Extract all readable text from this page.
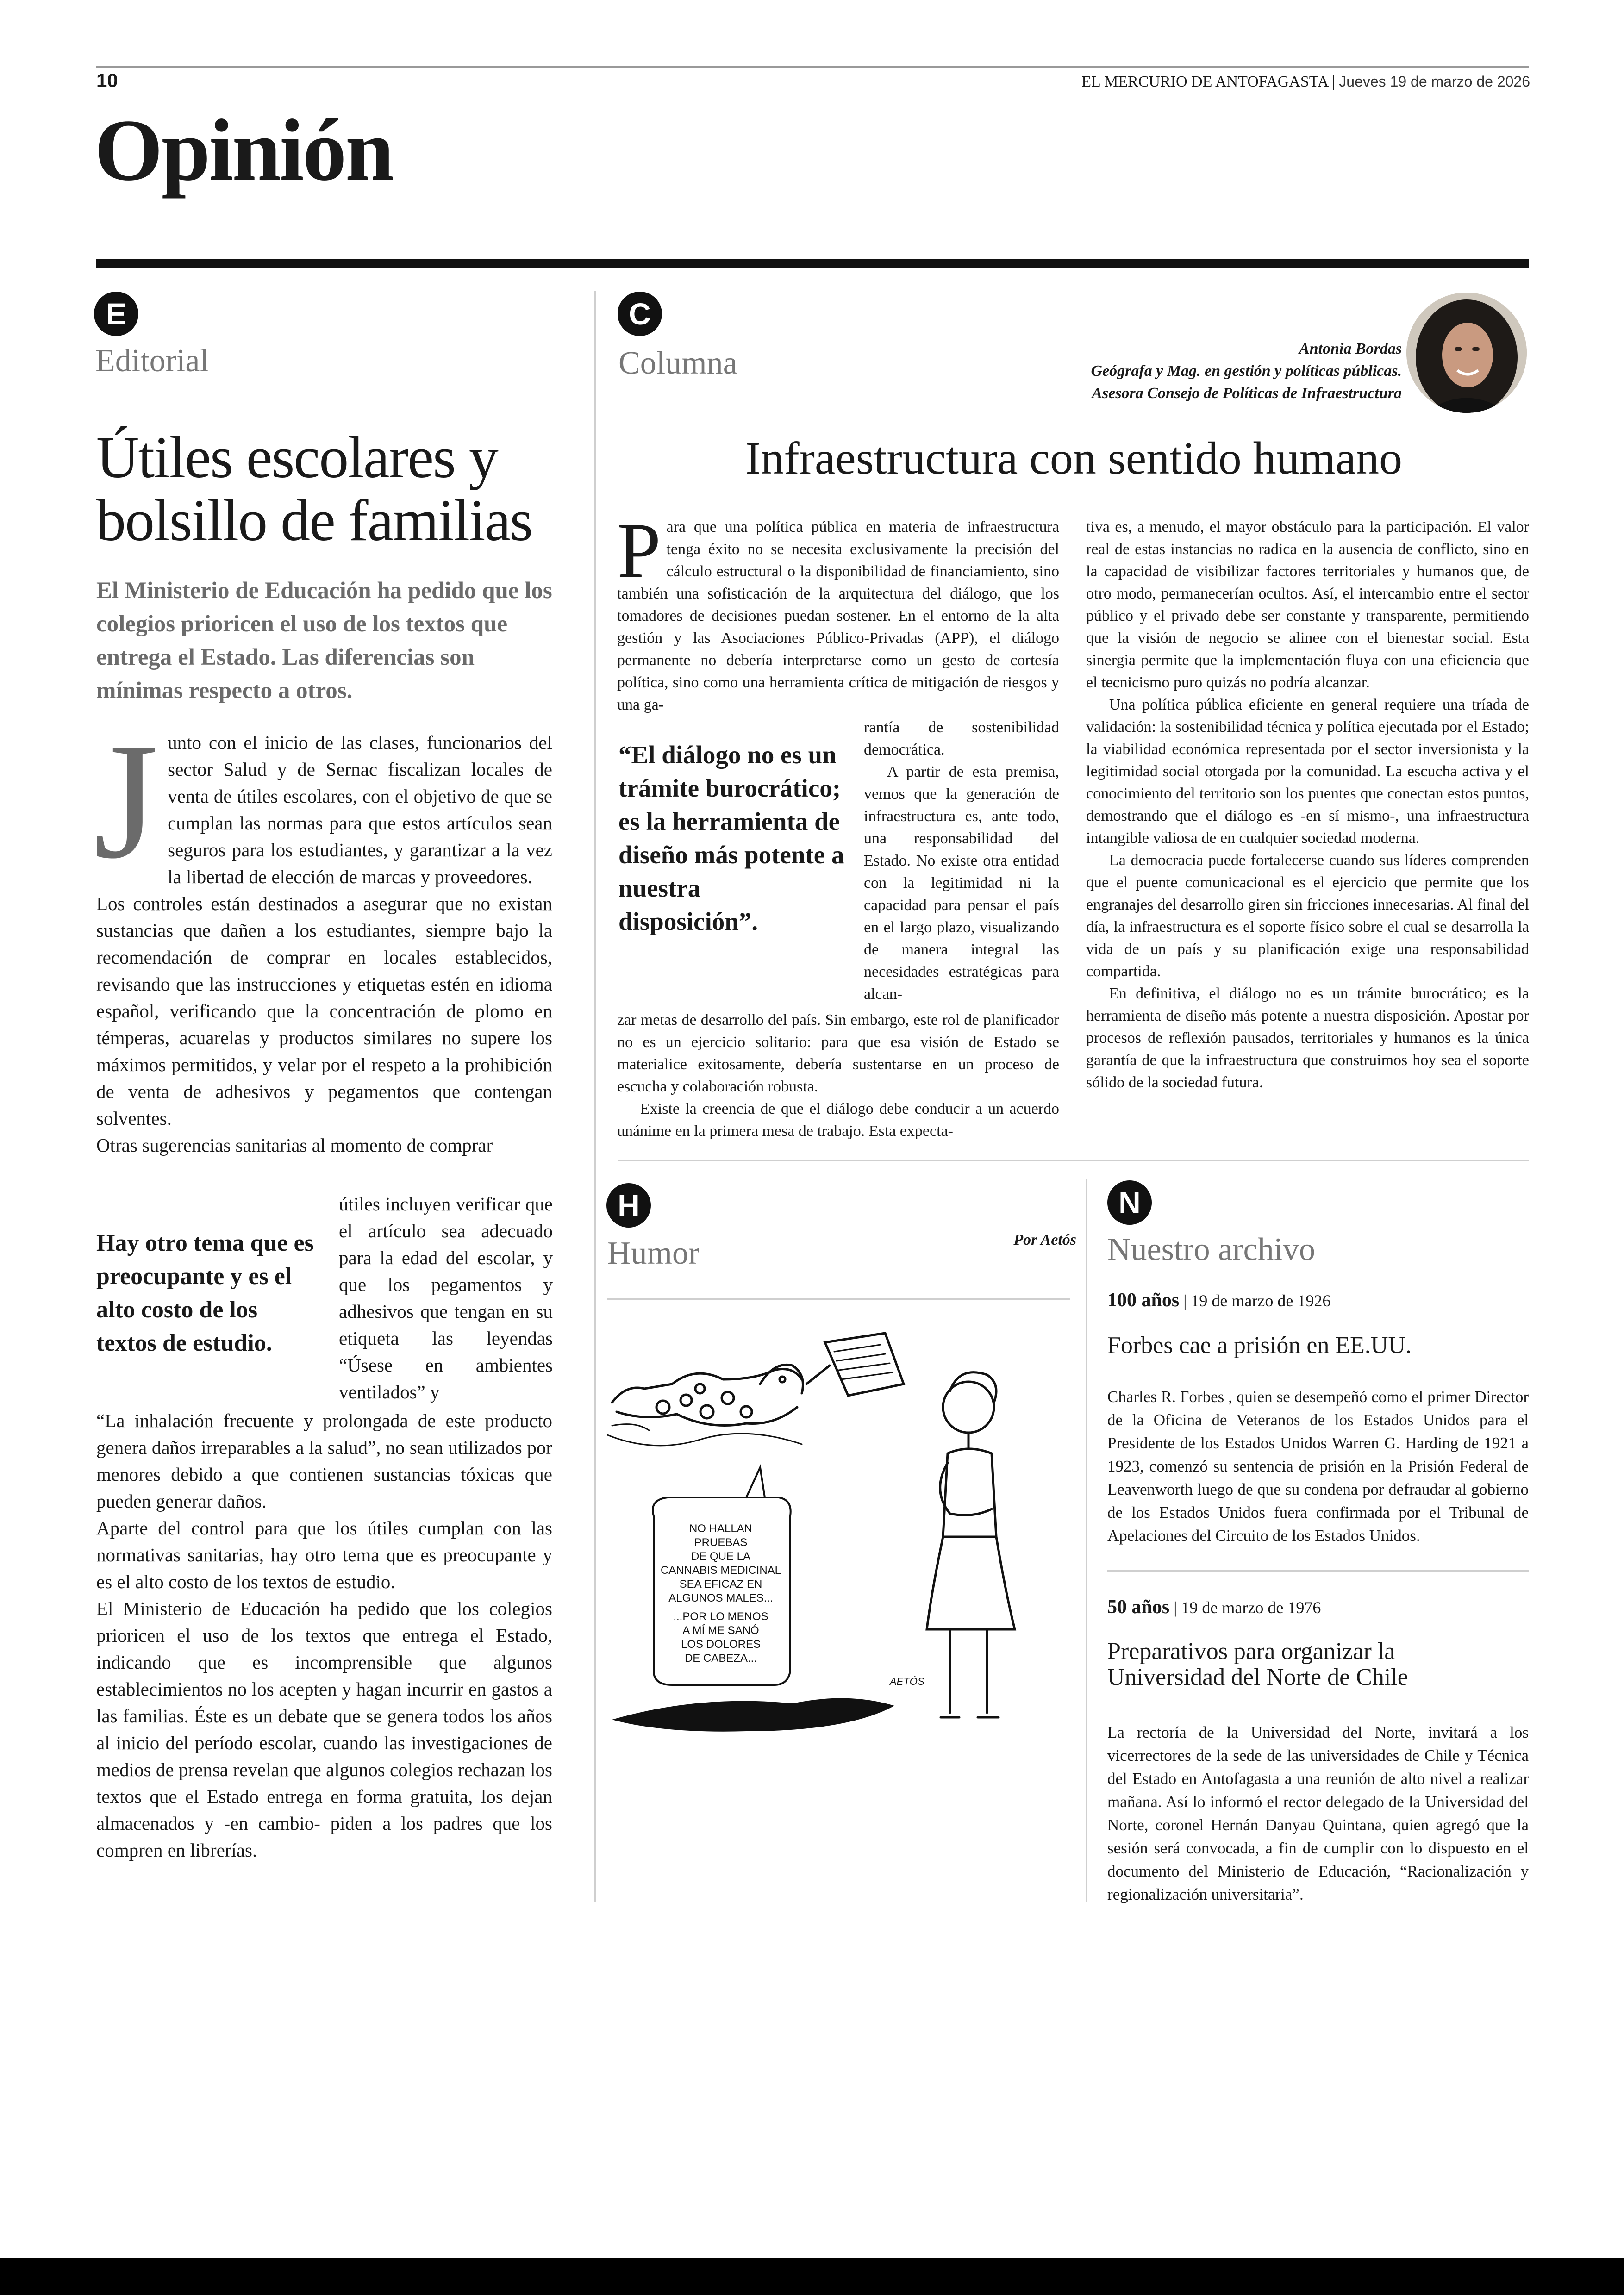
10	EL MERCURIO DE ANTOFAGASTA | Jueves 19 de marzo de 2026
Opinión
E
Editorial
Útiles escolares y
bolsillo de familias
El Ministerio de Educación ha pedido que los colegios prioricen el uso de los textos que entrega el Estado. Las diferencias son mínimas respecto a otros.
J unto con el inicio de las clases, funcionarios del sector Salud y de Sernac fiscalizan locales de venta de útiles escolares, con el objetivo de que se cumplan las normas para que estos artículos sean seguros para los estudiantes, y garantizar a la vez la libertad de elección de marcas y proveedores.

Los controles están destinados a asegurar que no existan sustancias que dañen a los estudiantes, siempre bajo la recomendación de comprar en locales establecidos, revisando que las instrucciones y etiquetas estén en idioma español, verificando que la concentración de plomo en témperas, acuarelas y productos similares no supere los máximos permitidos, y velar por el respeto a la prohibición de venta de adhesivos y pegamentos que contengan solventes.

Otras sugerencias sanitarias al momento de comprar

Hay otro tema que es preocupante y es el alto costo de los textos de estudio.
útiles incluyen verificar que el artículo sea adecuado para la edad del escolar, y que los pegamentos y adhesivos que tengan en su etiqueta las leyendas “Úsese en ambientes ventilados” y

“La inhalación frecuente y prolongada de este producto genera daños irreparables a la salud”, no sean utilizados por menores debido a que contienen sustancias tóxicas que pueden generar daños.

Aparte del control para que los útiles cumplan con las normativas sanitarias, hay otro tema que es preocupante y es el alto costo de los textos de estudio.

El Ministerio de Educación ha pedido que los colegios prioricen el uso de los textos que entrega el Estado, indicando que es incomprensible que algunos establecimientos no los acepten y hagan incurrir en gastos a las familias. Éste es un debate que se genera todos los años al inicio del período escolar, cuando las investigaciones de medios de prensa revelan que algunos colegios rechazan los textos que el Estado entrega en forma gratuita, los dejan almacenados y -en cambio- piden a los padres que los compren en librerías.

C
Columna	Antonia Bordas
Geógrafa y Mag. en gestión y políticas públicas.
Asesora Consejo de Políticas de Infraestructura
Infraestructura con sentido humano
P ara que una política pública en materia de infraestructura tenga éxito no se necesita exclusivamente la precisión del cálculo estructural o la disponibilidad de financiamiento, sino también una sofisticación de la arquitectura del diálogo, que los tomadores de decisiones puedan sostener. En el entorno de la alta gestión y las Asociaciones Público-Privadas (APP), el diálogo permanente no debería interpretarse como un gesto de cortesía política, sino como una herramienta crítica de mitigación de riesgos y una ga-
“El diálogo no es un trámite burocrático; es la herramienta de diseño más potente a nuestra disposición”.

rantía de sostenibilidad democrática.

A partir de esta premisa, vemos que la generación de infraestructura es, ante todo, una responsabilidad del Estado. No existe otra entidad con la legitimidad ni la capacidad para pensar el país en el largo plazo, visualizando de manera integral las necesidades estratégicas para alcan-

zar metas de desarrollo del país. Sin embargo, este rol de planificador no es un ejercicio solitario: para que esa visión de Estado se materialice exitosamente, debería sustentarse en un proceso de escucha y colaboración robusta.

Existe la creencia de que el diálogo debe conducir a un acuerdo unánime en la primera mesa de trabajo. Esta expecta-

tiva es, a menudo, el mayor obstáculo para la participación. El valor real de estas instancias no radica en la ausencia de conflicto, sino en la capacidad de visibilizar factores territoriales y humanos que, de otro modo, permanecerían ocultos. Así, el intercambio entre el sector público y el privado debe ser constante y transparente, permitiendo que la visión de negocio se alinee con el bienestar social. Esta sinergia permite que la implementación fluya con una eficiencia que el tecnicismo puro quizás no podría alcanzar.

Una política pública eficiente en general requiere una tríada de validación: la sostenibilidad técnica y política ejecutada por el Estado; la viabilidad económica representada por el sector inversionista y la legitimidad social otorgada por la comunidad. La escucha activa y el conocimiento del territorio son los puentes que conectan estos puntos, demostrando que el diálogo es -en sí mismo-, una infraestructura intangible valiosa de en cualquier sociedad moderna.

La democracia puede fortalecerse cuando sus líderes comprenden que el puente comunicacional es el ejercicio que permite que los engranajes del desarrollo giren sin fricciones innecesarias. Al final del día, la infraestructura es el soporte físico sobre el cual se desarrolla la vida de un país y su planificación exige una responsabilidad compartida.

En definitiva, el diálogo no es un trámite burocrático; es la herramienta de diseño más potente a nuestra disposición. Apostar por procesos de reflexión pausados, territoriales y humanos es la única garantía de que la infraestructura que construimos hoy sea el soporte sólido de la sociedad futura.

H
Humor	Por Aetós
NO HALLAN
PRUEBAS
DE QUE LA
CANNABIS MEDICINAL
SEA EFICAZ EN
ALGUNOS MALES...
...POR LO MENOS
A MÍ ME SANÓ
LOS DOLORES
DE CABEZA...
AETÓS
N
Nuestro archivo
100 años | 19 de marzo de 1926
Forbes cae a prisión en EE.UU.
Charles R. Forbes , quien se desempeñó como el primer Director de la Oficina de Veteranos de los Estados Unidos para el Presidente de los Estados Unidos Warren G. Harding de 1921 a 1923, comenzó su sentencia de prisión en la Prisión Federal de Leavenworth luego de que su condena por defraudar al gobierno de los Estados Unidos fuera confirmada por el Tribunal de Apelaciones del Circuito de los Estados Unidos.
50 años | 19 de marzo de 1976
Preparativos para organizar la
Universidad del Norte de Chile
La rectoría de la Universidad del Norte, invitará a los vicerrectores de la sede de las universidades de Chile y Técnica del Estado en Antofagasta a una reunión de alto nivel a realizar mañana. Así lo informó el rector delegado de la Universidad del Norte, coronel Hernán Danyau Quintana, quien agregó que la sesión será convocada, a fin de cumplir con lo dispuesto en el documento del Ministerio de Educación, “Racionalización y regionalización universitaria”.
